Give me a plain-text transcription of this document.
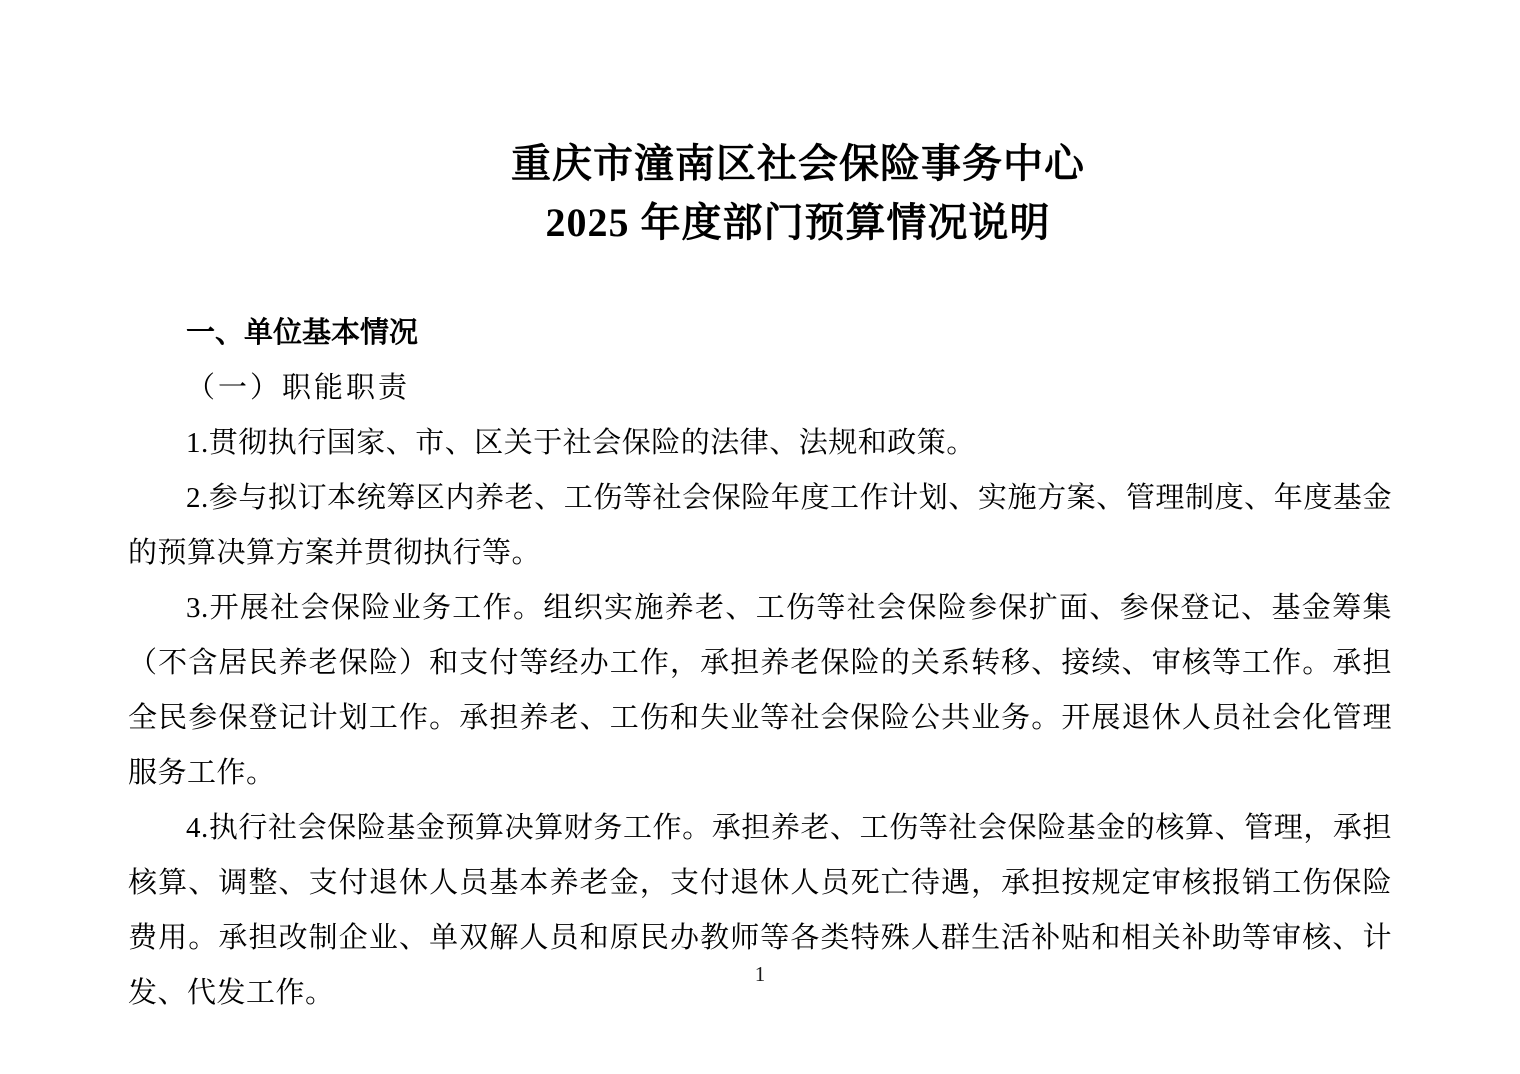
重庆市潼南区社会保险事务中心
2025 年度部门预算情况说明
一、单位基本情况
（一）职能职责

1.贯彻执行国家、市、区关于社会保险的法律、法规和政策。

2.参与拟订本统筹区内养老、工伤等社会保险年度工作计划、实施方案、管理制度、年度基金的预算决算方案并贯彻执行等。

3.开展社会保险业务工作。组织实施养老、工伤等社会保险参保扩面、参保登记、基金筹集（不含居民养老保险）和支付等经办工作，承担养老保险的关系转移、接续、审核等工作。承担全民参保登记计划工作。承担养老、工伤和失业等社会保险公共业务。开展退休人员社会化管理服务工作。

4.执行社会保险基金预算决算财务工作。承担养老、工伤等社会保险基金的核算、管理，承担核算、调整、支付退休人员基本养老金，支付退休人员死亡待遇，承担按规定审核报销工伤保险费用。承担改制企业、单双解人员和原民办教师等各类特殊人群生活补贴和相关补助等审核、计发、代发工作。

1
